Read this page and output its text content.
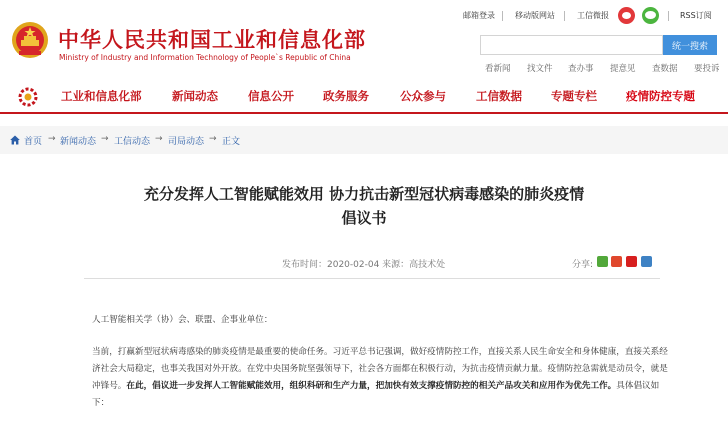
中华人民共和国工业和信息化部
Ministry of Industry and Information Technology of People`s Republic of China
邮箱登录	移动版网站	工信微报	RSS订阅
统一搜索
看新闻 找文件 查办事 提意见 查数据 要投诉
工业和信息化部	新闻动态	信息公开	政务服务	公众参与	工信数据	专题专栏	疫情防控专题
首页 → 新闻动态 → 工信动态 → 司局动态 → 正文
充分发挥人工智能赋能效用 协力抗击新型冠状病毒感染的肺炎疫情
倡议书
发布时间：2020-02-04 来源：高技术处	分享:
人工智能相关学（协）会、联盟、企事业单位：
当前，打赢新型冠状病毒感染的肺炎疫情是最重要的使命任务。习近平总书记强调，做好疫情防控工作，直接关系人民生命安全和身体健康，直接关系经济社会大局稳定，也事关我国对外开放。在党中央国务院坚强领导下，社会各方面都在积极行动，为抗击疫情贡献力量。疫情防控急需就是动员令，就是冲锋号。在此，倡议进一步发挥人工智能赋能效用，组织科研和生产力量，把加快有效支撑疫情防控的相关产品攻关和应用作为优先工作。具体倡议如下：
